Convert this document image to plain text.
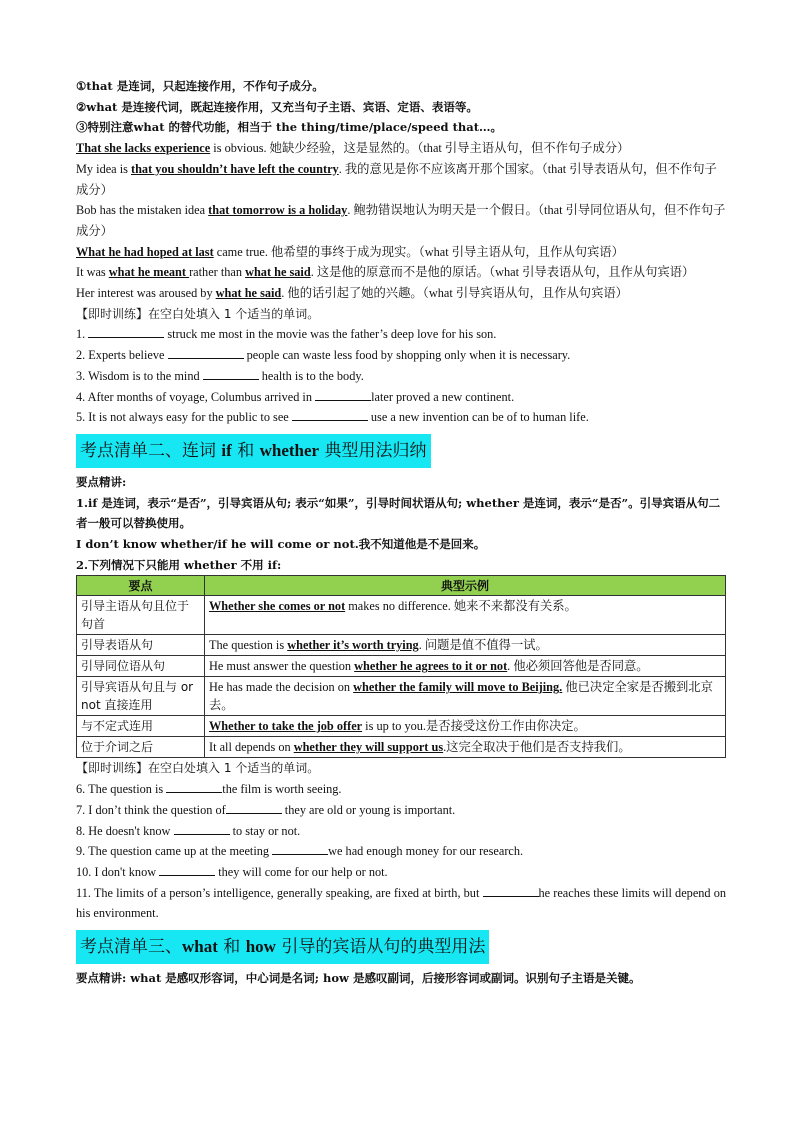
①that 是连词，只起连接作用，不作句子成分。

②what 是连接代词，既起连接作用，又充当句子主语、宾语、定语、表语等。

③特别注意what 的替代功能，相当于 the thing/time/place/speed that…。

That she lacks experience is obvious. 她缺少经验，这是显然的。（that 引导主语从句，但不作句子成分）

My idea is that you shouldn’t have left the country. 我的意见是你不应该离开那个国家。（that 引导表语从句，但不作句子成分）

Bob has the mistaken idea that tomorrow is a holiday. 鲍勃错误地认为明天是一个假日。（that 引导同位语从句，但不作句子成分）

What he had hoped at last came true. 他希望的事终于成为现实。（what 引导主语从句，且作从句宾语）

It was what he meant rather than what he said. 这是他的原意而不是他的原话。（what 引导表语从句，且作从句宾语）

Her interest was aroused by what he said. 他的话引起了她的兴趣。（what 引导宾语从句，且作从句宾语）

【即时训练】在空白处填入 1 个适当的单词。

1.	struck me most in the movie was the father’s deep love for his son.

2. Experts believe	people can waste less food by shopping only when it is necessary.

3. Wisdom is to the mind	health is to the body.

4. After months of voyage, Columbus arrived in	later proved a new continent.

5. It is not always easy for the public to see	use a new invention can be of to human life.

考点清单二、连词 if 和 whether 典型用法归纳

要点精讲:

1.if 是连词，表示“是否”，引导宾语从句; 表示“如果”，引导时间状语从句; whether 是连词，表示“是否”。引导宾语从句二者一般可以替换使用。

I don’t know whether/if he will come or not.我不知道他是不是回来。

2.下列情况下只能用 whether 不用 if:

要点	典型示例
引导主语从句且位于句首	Whether she comes or not makes no difference. 她来不来都没有关系。
引导表语从句	The question is whether it’s worth trying. 问题是值不值得一试。
引导同位语从句	He must answer the question whether he agrees to it or not. 他必须回答他是否同意。
引导宾语从句且与 or not 直接连用	He has made the decision on whether the family will move to Beijing. 他已决定全家是否搬到北京去。
与不定式连用	Whether to take the job offer is up to you.是否接受这份工作由你决定。
位于介词之后	It all depends on whether they will support us.这完全取决于他们是否支持我们。

【即时训练】在空白处填入 1 个适当的单词。

6. The question is	the film is worth seeing.

7. I don’t think the question of	they are old or young is important.

8. He doesn't know	to stay or not.

9. The question came up at the meeting	we had enough money for our research.

10. I don't know	they will come for our help or not.

11. The limits of a person’s intelligence, generally speaking, are fixed at birth, but	he reaches these limits will depend on his environment.

考点清单三、what 和 how 引导的宾语从句的典型用法

要点精讲: what 是感叹形容词，中心词是名词; how 是感叹副词，后接形容词或副词。识别句子主语是关键。
